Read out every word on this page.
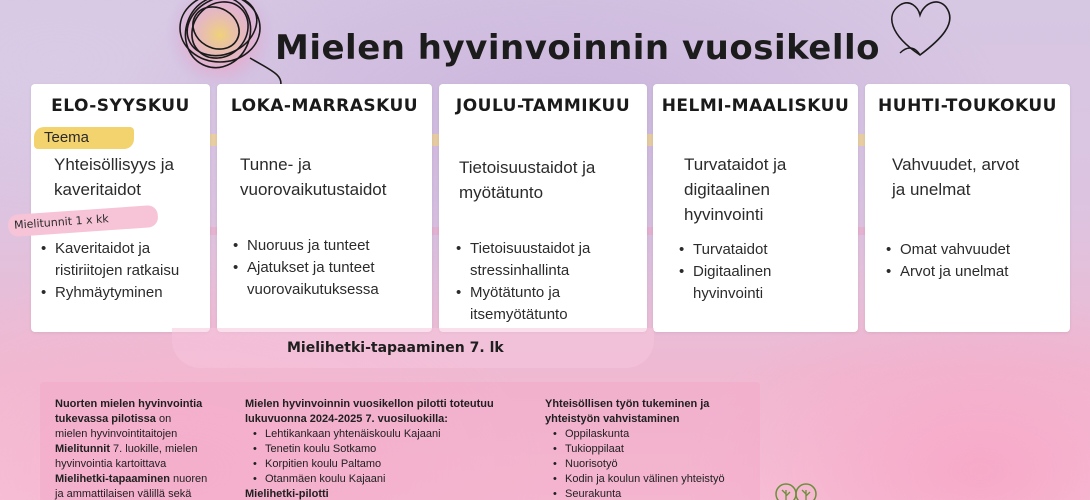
Mielen hyvinvoinnin vuosikello
ELO-SYYSKUU
Yhteisöllisyys ja
kaveritaidot
• Kaveritaidot ja
ristiriitojen ratkaisu
• Ryhmäytyminen
LOKA-MARRASKUU
Tunne- ja
vuorovaikutustaidot
• Nuoruus ja tunteet
• Ajatukset ja tunteet
vuorovaikutuksessa
JOULU-TAMMIKUU
Tietoisuustaidot ja
myötätunto
• Tietoisuustaidot ja
stressinhallinta
• Myötätunto ja
itsemyötätunto
HELMI-MAALISKUU
Turvataidot ja
digitaalinen
hyvinvointi
• Turvataidot
• Digitaalinen
hyvinvointi
HUHTI-TOUKOKUU
Vahvuudet, arvot
ja unelmat
• Omat vahvuudet
• Arvot ja unelmat
Teema
Mielitunnit 1 x kk
Mielihetki-tapaaminen 7. lk
Nuorten mielen hyvinvointia
tukevassa pilotissa on
mielen hyvinvointitaitojen
Mielitunnit 7. luokille, mielen
hyvinvointia kartoittava
Mielihetki-tapaaminen nuoren
ja ammattilaisen välillä sekä
Mielen hyvinvoinnin vuosikellon pilotti toteutuu
lukuvuonna 2024-2025 7. vuosiluokilla:
• Lehtikankaan yhtenäiskoulu Kajaani
• Tenetin koulu Sotkamo
• Korpitien koulu Paltamo
• Otanmäen koulu Kajaani
Mielihetki-pilotti
Yhteisöllisen työn tukeminen ja
yhteistyön vahvistaminen
• Oppilaskunta
• Tukioppilaat
• Nuorisotyö
• Kodin ja koulun välinen yhteistyö
• Seurakunta
